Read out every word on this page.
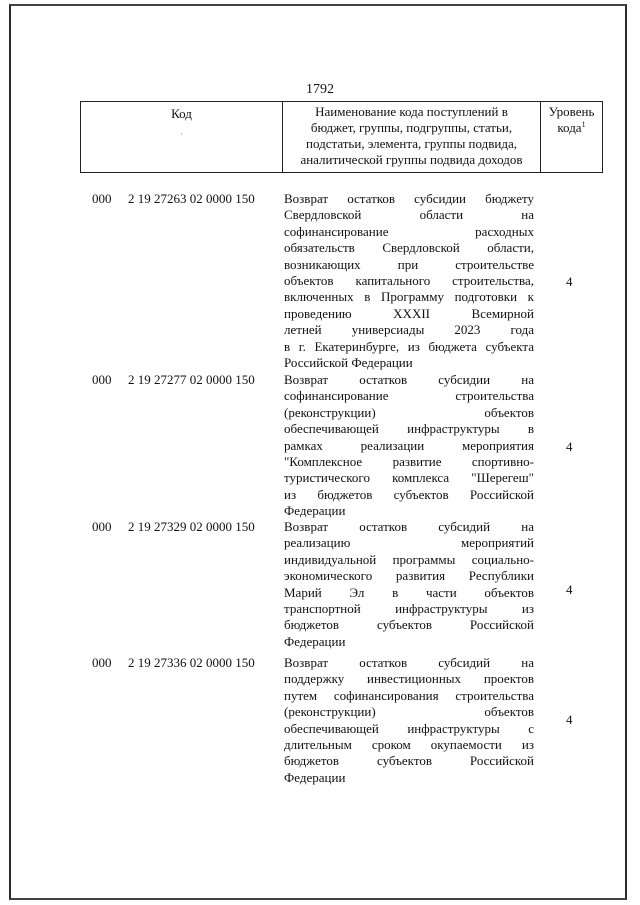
1792
Код
·
Наименование кода поступлений в
бюджет, группы, подгруппы, статьи,
подстатьи, элемента, группы подвида,
аналитической группы подвида доходов
Уровень
кода$^1$
000 2 19 27263 02 0000 150 Возврат остатков субсидии бюджету
Свердловской области на
софинансирование расходных
обязательств Свердловской области,
возникающих при строительстве
объектов капитального строительства,
включенных в Программу подготовки к
проведению XXXII Всемирной
летней универсиады 2023 года
в г. Екатеринбурге, из бюджета субъекта
Российской Федерации
4
000 2 19 27277 02 0000 150 Возврат остатков субсидии на
софинансирование строительства
(реконструкции) объектов
обеспечивающей инфраструктуры в
рамках реализации мероприятия
"Комплексное развитие спортивно-
туристического комплекса "Шерегеш"
из бюджетов субъектов Российской
Федерации
4
000 2 19 27329 02 0000 150 Возврат остатков субсидий на
реализацию мероприятий
индивидуальной программы социально-
экономического развития Республики
Марий Эл в части объектов
транспортной инфраструктуры из
бюджетов субъектов Российской
Федерации
4
000 2 19 27336 02 0000 150 Возврат остатков субсидий на
поддержку инвестиционных проектов
путем софинансирования строительства
(реконструкции) объектов
обеспечивающей инфраструктуры с
длительным сроком окупаемости из
бюджетов субъектов Российской
Федерации
4
